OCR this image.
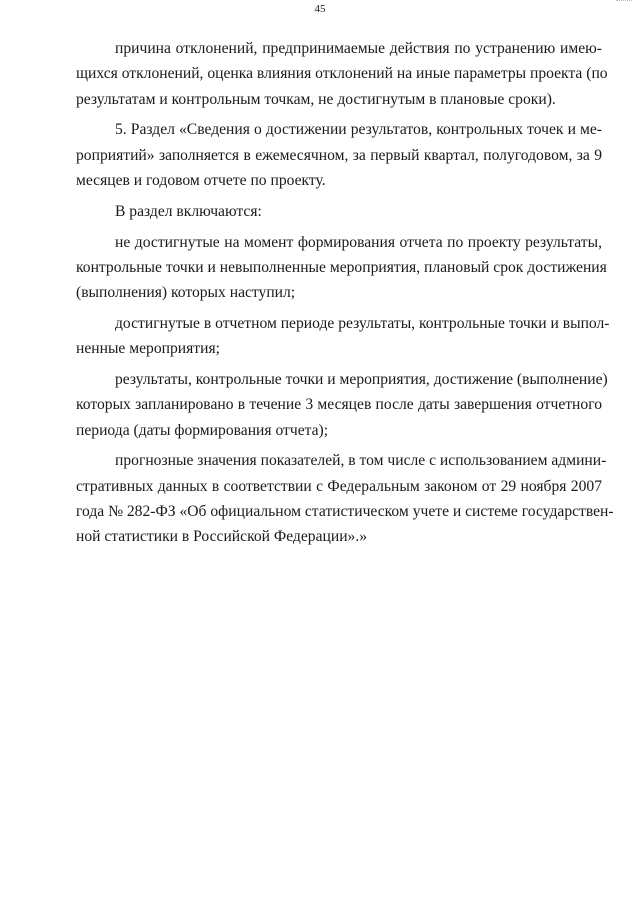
45

причина отклонений, предпринимаемые действия по устранению имею-
щихся отклонений, оценка влияния отклонений на иные параметры проекта (по
результатам и контрольным точкам, не достигнутым в плановые сроки).

5. Раздел «Сведения о достижении результатов, контрольных точек и ме-
роприятий» заполняется в ежемесячном, за первый квартал, полугодовом, за 9
месяцев и годовом отчете по проекту.

В раздел включаются:

не достигнутые на момент формирования отчета по проекту результаты,
контрольные точки и невыполненные мероприятия, плановый срок достижения
(выполнения) которых наступил;

достигнутые в отчетном периоде результаты, контрольные точки и выпол-
ненные мероприятия;

результаты, контрольные точки и мероприятия, достижение (выполнение)
которых запланировано в течение 3 месяцев после даты завершения отчетного
периода (даты формирования отчета);

прогнозные значения показателей, в том числе с использованием админи-
стративных данных в соответствии с Федеральным законом от 29 ноября 2007
года № 282-ФЗ «Об официальном статистическом учете и системе государствен-
ной статистики в Российской Федерации».»
